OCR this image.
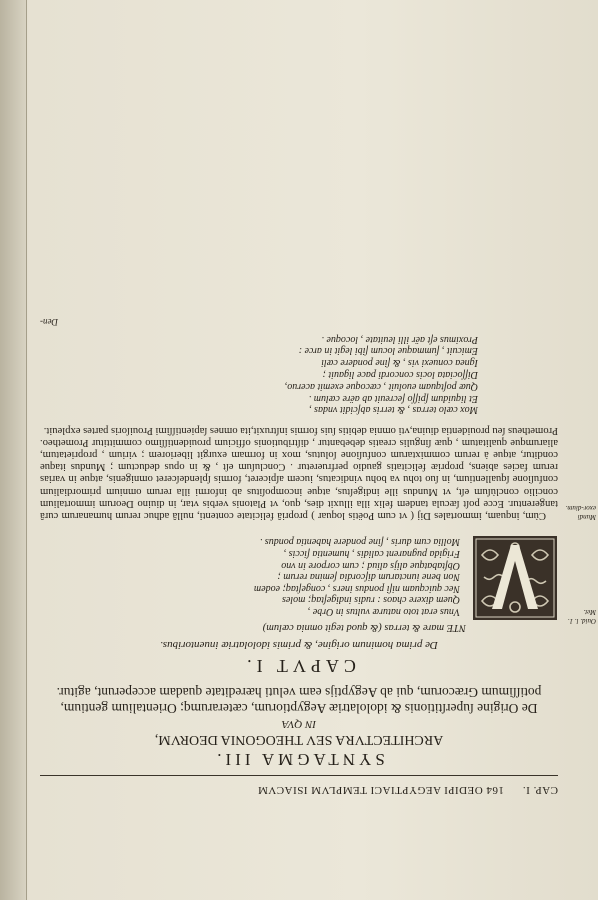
CAP. I.
164 OEDIPI AEGYPTIACI TEMPLVM ISIACVM
SYNTAGMA III.
ARCHITECTVRA SEV THEOGONIA DEORVM,
IN QVA
De Origine ſuperſtitionis & idololatriæ Aegyptiorum, cæterarumq; Orientalium gentium, potiſſimum Græcorum, qui ab Aegyptijs eam veluti hæreditate quadam acceperunt, agitur.
CAPVT I.
De prima hominum origine, & primis idololatriæ inuentoribus.
Ouid. l. 1. Met.
NTE mare & terras (& quod tegit omnia cælum)
Vnus erat toto naturæ vultus in Orbe ,
Quem dixere chaos : rudis indigeſtaq; moles
Nec quicquam niſi pondus iners , congeſtaq; eodem
Non bene iunctarum diſcordia ſemina rerum ;
Obſtabatque alijs aliud ; cum corpore in vno
Frigida pugnarent calidis , humentia ſiccis ,
Mollia cum duris , ſine pondere habentia pondus .
Mundi exor-dium.

Cùm, inquam, immortales Dij ( vt cum Poëtis loquar ) propriâ felicitate contenti, nullâ adhuc rerum humanarum curâ tangerentur. Ecce poſt ſæcula tandem felix illa illuxit dies, quo, vt Platonis verbis vtar, in diuino Deorum immortalium concilio conclùſum eſt, vt Mundus ille indigeſtus, atque incompoſitus ab informi illa rerum omnium primordialium confuſione ſquallentium, in ſuo tohu va bohu vindicatus, iucem aſpiceret, formis ſplendeſceret omnigenis, atque in varias rerum facies abiens, propriæ felicitatis gaudio perfrueretur . Concluſum eſt , & in opus deductum ; Mundus itaque conditur, atque à rerum commixtarum confuſione ſolutus, mox in formam exurgit liberiorem ; virium , proprietatum, aliarumque qualitatum , quæ ſingulis creatis debebantur , diſtributionis officium prouidentiſſimo committitur Prometheo. Prometheus ſeu prouidentia diuina,vti omnia debitis ſuis formis inſtruxit,ita omnes ſapientiſſimi Prouiſoris partes expleuit.

Mox cælo terras , & terris abſcidit vndas ,
Et liquidum ſpiſſo ſecreuit ab aëre cælum .
Quæ poſtquam euoluit , cæcoque exemit aceruo,
Diſſociata locis concordi pace ligauit ;
Ignea conuexi vis , & ſine pondere cæli
Emicuit , ſummaque locum ſibi legit in arce :
Proximus eſt aër illi leuitate , locoque .
Den-
